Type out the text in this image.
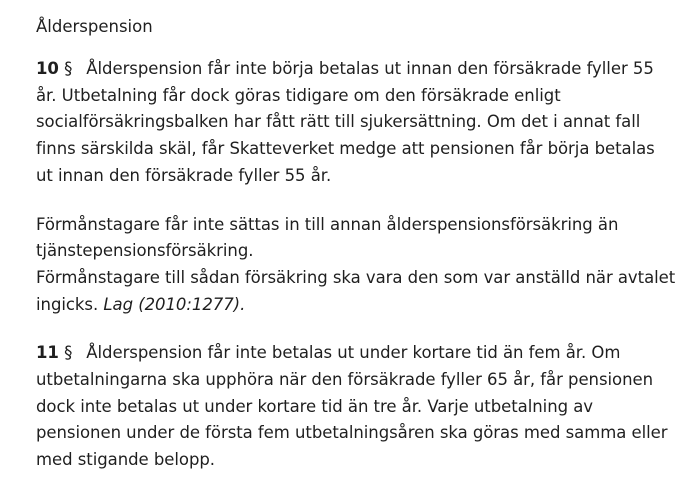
Ålderspension

10 § Ålderspension får inte börja betalas ut innan den försäkrade fyller 55 år. Utbetalning får dock göras tidigare om den försäkrade enligt socialförsäkringsbalken har fått rätt till sjukersättning. Om det i annat fall finns särskilda skäl, får Skatteverket medge att pensionen får börja betalas ut innan den försäkrade fyller 55 år.

Förmånstagare får inte sättas in till annan ålderspensionsförsäkring än tjänstepensionsförsäkring.
Förmånstagare till sådan försäkring ska vara den som var anställd när avtalet ingicks. Lag (2010:1277).

11 § Ålderspension får inte betalas ut under kortare tid än fem år. Om utbetalningarna ska upphöra när den försäkrade fyller 65 år, får pensionen dock inte betalas ut under kortare tid än tre år. Varje utbetalning av pensionen under de första fem utbetalningsåren ska göras med samma eller med stigande belopp.
